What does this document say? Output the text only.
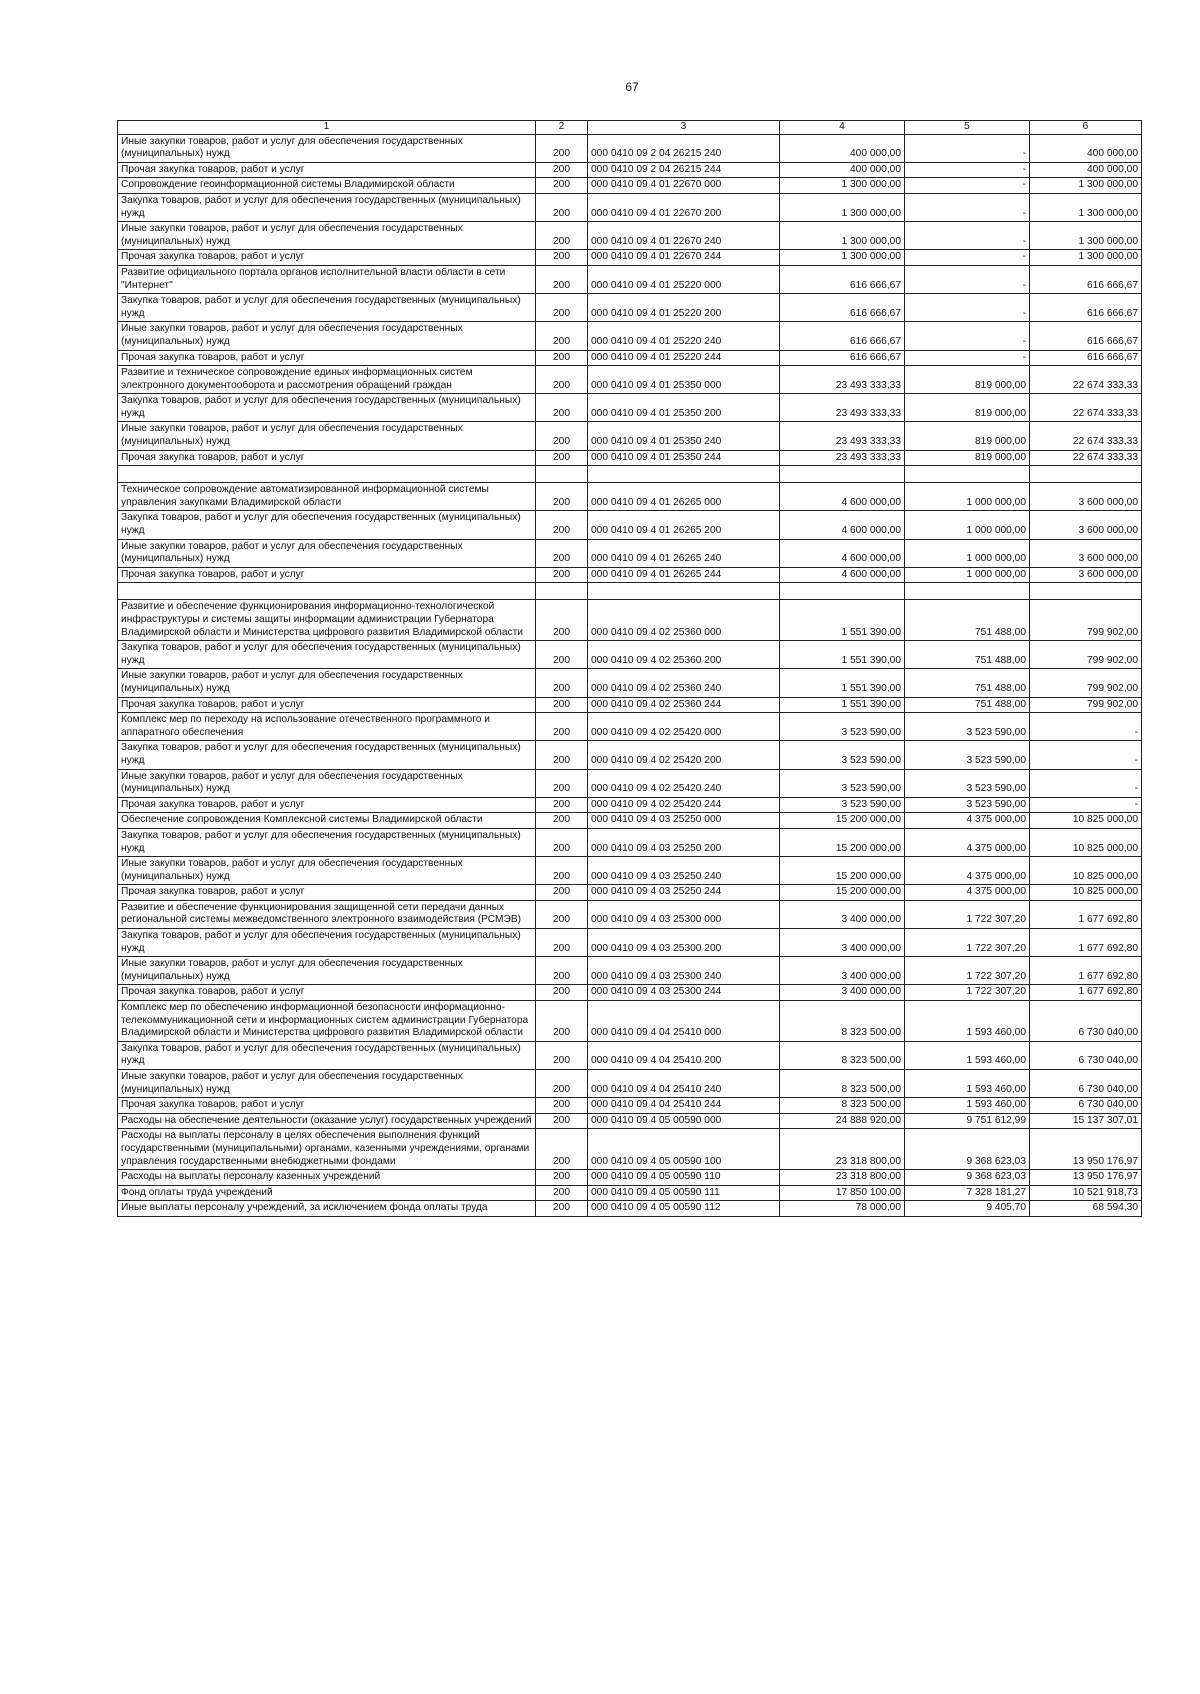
67
1	2	3	4	5	6
Иные закупки товаров, работ и услуг для обеспечения государственных (муниципальных) нужд	200	000 0410 09 2 04 26215 240	400 000,00	-	400 000,00
Прочая закупка товаров, работ и услуг	200	000 0410 09 2 04 26215 244	400 000,00	-	400 000,00
Сопровождение геоинформационной системы Владимирской области	200	000 0410 09 4 01 22670 000	1 300 000,00	-	1 300 000,00
Закупка товаров, работ и услуг для обеспечения государственных (муниципальных) нужд	200	000 0410 09 4 01 22670 200	1 300 000,00	-	1 300 000,00
Иные закупки товаров, работ и услуг для обеспечения государственных (муниципальных) нужд	200	000 0410 09 4 01 22670 240	1 300 000,00	-	1 300 000,00
Прочая закупка товаров, работ и услуг	200	000 0410 09 4 01 22670 244	1 300 000,00	-	1 300 000,00
Развитие официального портала органов исполнительной власти области в сети "Интернет"	200	000 0410 09 4 01 25220 000	616 666,67	-	616 666,67
Закупка товаров, работ и услуг для обеспечения государственных (муниципальных) нужд	200	000 0410 09 4 01 25220 200	616 666,67	-	616 666,67
Иные закупки товаров, работ и услуг для обеспечения государственных (муниципальных) нужд	200	000 0410 09 4 01 25220 240	616 666,67	-	616 666,67
Прочая закупка товаров, работ и услуг	200	000 0410 09 4 01 25220 244	616 666,67	-	616 666,67
Развитие и техническое сопровождение единых информационных систем электронного документооборота и рассмотрения обращений граждан	200	000 0410 09 4 01 25350 000	23 493 333,33	819 000,00	22 674 333,33
Закупка товаров, работ и услуг для обеспечения государственных (муниципальных) нужд	200	000 0410 09 4 01 25350 200	23 493 333,33	819 000,00	22 674 333,33
Иные закупки товаров, работ и услуг для обеспечения государственных (муниципальных) нужд	200	000 0410 09 4 01 25350 240	23 493 333,33	819 000,00	22 674 333,33
Прочая закупка товаров, работ и услуг	200	000 0410 09 4 01 25350 244	23 493 333,33	819 000,00	22 674 333,33

Техническое сопровождение автоматизированной информационной системы управления закупками Владимирской области	200	000 0410 09 4 01 26265 000	4 600 000,00	1 000 000,00	3 600 000,00
Закупка товаров, работ и услуг для обеспечения государственных (муниципальных) нужд	200	000 0410 09 4 01 26265 200	4 600 000,00	1 000 000,00	3 600 000,00
Иные закупки товаров, работ и услуг для обеспечения государственных (муниципальных) нужд	200	000 0410 09 4 01 26265 240	4 600 000,00	1 000 000,00	3 600 000,00
Прочая закупка товаров, работ и услуг	200	000 0410 09 4 01 26265 244	4 600 000,00	1 000 000,00	3 600 000,00

Развитие и обеспечение функционирования информационно-технологической инфраструктуры и системы защиты информации администрации Губернатора Владимирской области и Министерства цифрового развития Владимирской области	200	000 0410 09 4 02 25360 000	1 551 390,00	751 488,00	799 902,00
Закупка товаров, работ и услуг для обеспечения государственных (муниципальных) нужд	200	000 0410 09 4 02 25360 200	1 551 390,00	751 488,00	799 902,00
Иные закупки товаров, работ и услуг для обеспечения государственных (муниципальных) нужд	200	000 0410 09 4 02 25360 240	1 551 390,00	751 488,00	799 902,00
Прочая закупка товаров, работ и услуг	200	000 0410 09 4 02 25360 244	1 551 390,00	751 488,00	799 902,00
Комплекс мер по переходу на использование отечественного программного и аппаратного обеспечения	200	000 0410 09 4 02 25420 000	3 523 590,00	3 523 590,00	-
Закупка товаров, работ и услуг для обеспечения государственных (муниципальных) нужд	200	000 0410 09 4 02 25420 200	3 523 590,00	3 523 590,00	-
Иные закупки товаров, работ и услуг для обеспечения государственных (муниципальных) нужд	200	000 0410 09 4 02 25420 240	3 523 590,00	3 523 590,00	-
Прочая закупка товаров, работ и услуг	200	000 0410 09 4 02 25420 244	3 523 590,00	3 523 590,00	-
Обеспечение сопровождения Комплексной системы Владимирской области	200	000 0410 09 4 03 25250 000	15 200 000,00	4 375 000,00	10 825 000,00
Закупка товаров, работ и услуг для обеспечения государственных (муниципальных) нужд	200	000 0410 09 4 03 25250 200	15 200 000,00	4 375 000,00	10 825 000,00
Иные закупки товаров, работ и услуг для обеспечения государственных (муниципальных) нужд	200	000 0410 09 4 03 25250 240	15 200 000,00	4 375 000,00	10 825 000,00
Прочая закупка товаров, работ и услуг	200	000 0410 09 4 03 25250 244	15 200 000,00	4 375 000,00	10 825 000,00
Развитие и обеспечение функционирования защищенной сети передачи данных региональной системы межведомственного электронного взаимодействия (РСМЭВ)	200	000 0410 09 4 03 25300 000	3 400 000,00	1 722 307,20	1 677 692,80
Закупка товаров, работ и услуг для обеспечения государственных (муниципальных) нужд	200	000 0410 09 4 03 25300 200	3 400 000,00	1 722 307,20	1 677 692,80
Иные закупки товаров, работ и услуг для обеспечения государственных (муниципальных) нужд	200	000 0410 09 4 03 25300 240	3 400 000,00	1 722 307,20	1 677 692,80
Прочая закупка товаров, работ и услуг	200	000 0410 09 4 03 25300 244	3 400 000,00	1 722 307,20	1 677 692,80
Комплекс мер по обеспечению информационной безопасности информационно-телекоммуникационной сети и информационных систем администрации Губернатора Владимирской области и Министерства цифрового развития Владимирской области	200	000 0410 09 4 04 25410 000	8 323 500,00	1 593 460,00	6 730 040,00
Закупка товаров, работ и услуг для обеспечения государственных (муниципальных) нужд	200	000 0410 09 4 04 25410 200	8 323 500,00	1 593 460,00	6 730 040,00
Иные закупки товаров, работ и услуг для обеспечения государственных (муниципальных) нужд	200	000 0410 09 4 04 25410 240	8 323 500,00	1 593 460,00	6 730 040,00
Прочая закупка товаров, работ и услуг	200	000 0410 09 4 04 25410 244	8 323 500,00	1 593 460,00	6 730 040,00
Расходы на обеспечение деятельности (оказание услуг) государственных учреждений	200	000 0410 09 4 05 00590 000	24 888 920,00	9 751 612,99	15 137 307,01
Расходы на выплаты персоналу в целях обеспечения выполнения функций государственными (муниципальными) органами, казенными учреждениями, органами управления государственными внебюджетными фондами	200	000 0410 09 4 05 00590 100	23 318 800,00	9 368 623,03	13 950 176,97
Расходы на выплаты персоналу казенных учреждений	200	000 0410 09 4 05 00590 110	23 318 800,00	9 368 623,03	13 950 176,97
Фонд оплаты труда учреждений	200	000 0410 09 4 05 00590 111	17 850 100,00	7 328 181,27	10 521 918,73
Иные выплаты персоналу учреждений, за исключением фонда оплаты труда	200	000 0410 09 4 05 00590 112	78 000,00	9 405,70	68 594,30
